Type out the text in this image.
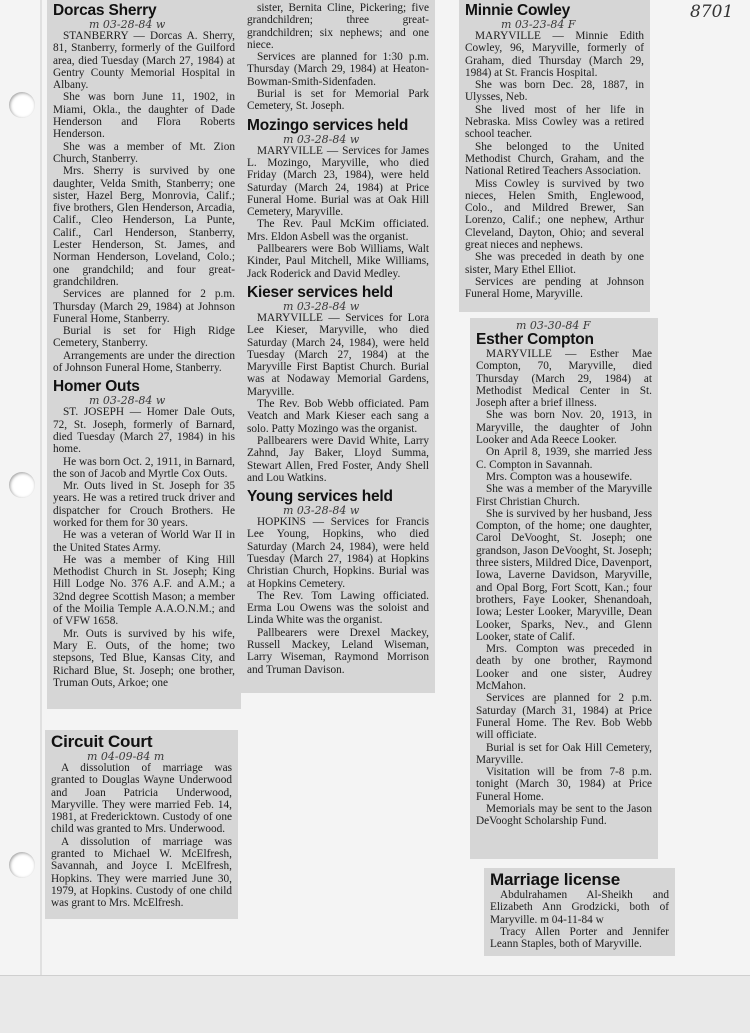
8701
Dorcas Sherry
m 03-28-84 w

STANBERRY — Dorcas A. Sherry, 81, Stanberry, formerly of the Guilford area, died Tuesday (March 27, 1984) at Gentry County Memorial Hospital in Albany.

She was born June 11, 1902, in Miami, Okla., the daughter of Dade Henderson and Flora Roberts Henderson.

She was a member of Mt. Zion Church, Stanberry.

Mrs. Sherry is survived by one daughter, Velda Smith, Stanberry; one sister, Hazel Berg, Monrovia, Calif.; five brothers, Glen Henderson, Arcadia, Calif., Cleo Henderson, La Punte, Calif., Carl Henderson, Stanberry, Lester Henderson, St. James, and Norman Henderson, Loveland, Colo.; one grandchild; and four great-grandchildren.

Services are planned for 2 p.m. Thursday (March 29, 1984) at Johnson Funeral Home, Stanberry.

Burial is set for High Ridge Cemetery, Stanberry.

Arrangements are under the direction of Johnson Funeral Home, Stanberry.

Homer Outs
m 03-28-84 w

ST. JOSEPH — Homer Dale Outs, 72, St. Joseph, formerly of Barnard, died Tuesday (March 27, 1984) in his home.

He was born Oct. 2, 1911, in Barnard, the son of Jacob and Myrtle Cox Outs.

Mr. Outs lived in St. Joseph for 35 years. He was a retired truck driver and dispatcher for Crouch Brothers. He worked for them for 30 years.

He was a veteran of World War II in the United States Army.

He was a member of King Hill Methodist Church in St. Joseph; King Hill Lodge No. 376 A.F. and A.M.; a 32nd degree Scottish Mason; a member of the Moilia Temple A.A.O.N.M.; and of VFW 1658.

Mr. Outs is survived by his wife, Mary E. Outs, of the home; two stepsons, Ted Blue, Kansas City, and Richard Blue, St. Joseph; one brother, Truman Outs, Arkoe; one

sister, Bernita Cline, Pickering; five grandchildren; three great-grandchildren; six nephews; and one niece.

Services are planned for 1:30 p.m. Thursday (March 29, 1984) at Heaton-Bowman-Smith-Sidenfaden.

Burial is set for Memorial Park Cemetery, St. Joseph.

Mozingo services held
m 03-28-84 w

MARYVILLE — Services for James L. Mozingo, Maryville, who died Friday (March 23, 1984), were held Saturday (March 24, 1984) at Price Funeral Home. Burial was at Oak Hill Cemetery, Maryville.

The Rev. Paul McKim officiated. Mrs. Eldon Asbell was the organist.

Pallbearers were Bob Williams, Walt Kinder, Paul Mitchell, Mike Williams, Jack Roderick and David Medley.

Kieser services held
m 03-28-84 w

MARYVILLE — Services for Lora Lee Kieser, Maryville, who died Saturday (March 24, 1984), were held Tuesday (March 27, 1984) at the Maryville First Baptist Church. Burial was at Nodaway Memorial Gardens, Maryville.

The Rev. Bob Webb officiated. Pam Veatch and Mark Kieser each sang a solo. Patty Mozingo was the organist.

Pallbearers were David White, Larry Zahnd, Jay Baker, Lloyd Summa, Stewart Allen, Fred Foster, Andy Shell and Lou Watkins.

Young services held
m 03-28-84 w

HOPKINS — Services for Francis Lee Young, Hopkins, who died Saturday (March 24, 1984), were held Tuesday (March 27, 1984) at Hopkins Christian Church, Hopkins. Burial was at Hopkins Cemetery.

The Rev. Tom Lawing officiated. Erma Lou Owens was the soloist and Linda White was the organist.

Pallbearers were Drexel Mackey, Russell Mackey, Leland Wiseman, Larry Wiseman, Raymond Morrison and Truman Davison.

Circuit Court
m 04-09-84 m

A dissolution of marriage was granted to Douglas Wayne Underwood and Joan Patricia Underwood, Maryville. They were married Feb. 14, 1981, at Fredericktown. Custody of one child was granted to Mrs. Underwood.

A dissolution of marriage was granted to Michael W. McElfresh, Savannah, and Joyce I. McElfresh, Hopkins. They were married June 30, 1979, at Hopkins. Custody of one child was grant to Mrs. McElfresh.

Minnie Cowley
m 03-23-84 F

MARYVILLE — Minnie Edith Cowley, 96, Maryville, formerly of Graham, died Thursday (March 29, 1984) at St. Francis Hospital.

She was born Dec. 28, 1887, in Ulysses, Neb.

She lived most of her life in Nebraska. Miss Cowley was a retired school teacher.

She belonged to the United Methodist Church, Graham, and the National Retired Teachers Association.

Miss Cowley is survived by two nieces, Helen Smith, Englewood, Colo., and Mildred Brewer, San Lorenzo, Calif.; one nephew, Arthur Cleveland, Dayton, Ohio; and several great nieces and nephews.

She was preceded in death by one sister, Mary Ethel Elliot.

Services are pending at Johnson Funeral Home, Maryville.

m 03-30-84 F
Esther Compton

MARYVILLE — Esther Mae Compton, 70, Maryville, died Thursday (March 29, 1984) at Methodist Medical Center in St. Joseph after a brief illness.

She was born Nov. 20, 1913, in Maryville, the daughter of John Looker and Ada Reece Looker.

On April 8, 1939, she married Jess C. Compton in Savannah.

Mrs. Compton was a housewife.

She was a member of the Maryville First Christian Church.

She is survived by her husband, Jess Compton, of the home; one daughter, Carol DeVooght, St. Joseph; one grandson, Jason DeVooght, St. Joseph; three sisters, Mildred Dice, Davenport, Iowa, Laverne Davidson, Maryville, and Opal Borg, Fort Scott, Kan.; four brothers, Faye Looker, Shenandoah, Iowa; Lester Looker, Maryville, Dean Looker, Sparks, Nev., and Glenn Looker, state of Calif.

Mrs. Compton was preceded in death by one brother, Raymond Looker and one sister, Audrey McMahon.

Services are planned for 2 p.m. Saturday (March 31, 1984) at Price Funeral Home. The Rev. Bob Webb will officiate.

Burial is set for Oak Hill Cemetery, Maryville.

Visitation will be from 7-8 p.m. tonight (March 30, 1984) at Price Funeral Home.

Memorials may be sent to the Jason DeVooght Scholarship Fund.

Marriage license

Abdulrahamen Al-Sheikh and Elizabeth Ann Grodzicki, both of Maryville. m 04-11-84 w

Tracy Allen Porter and Jennifer Leann Staples, both of Maryville.
